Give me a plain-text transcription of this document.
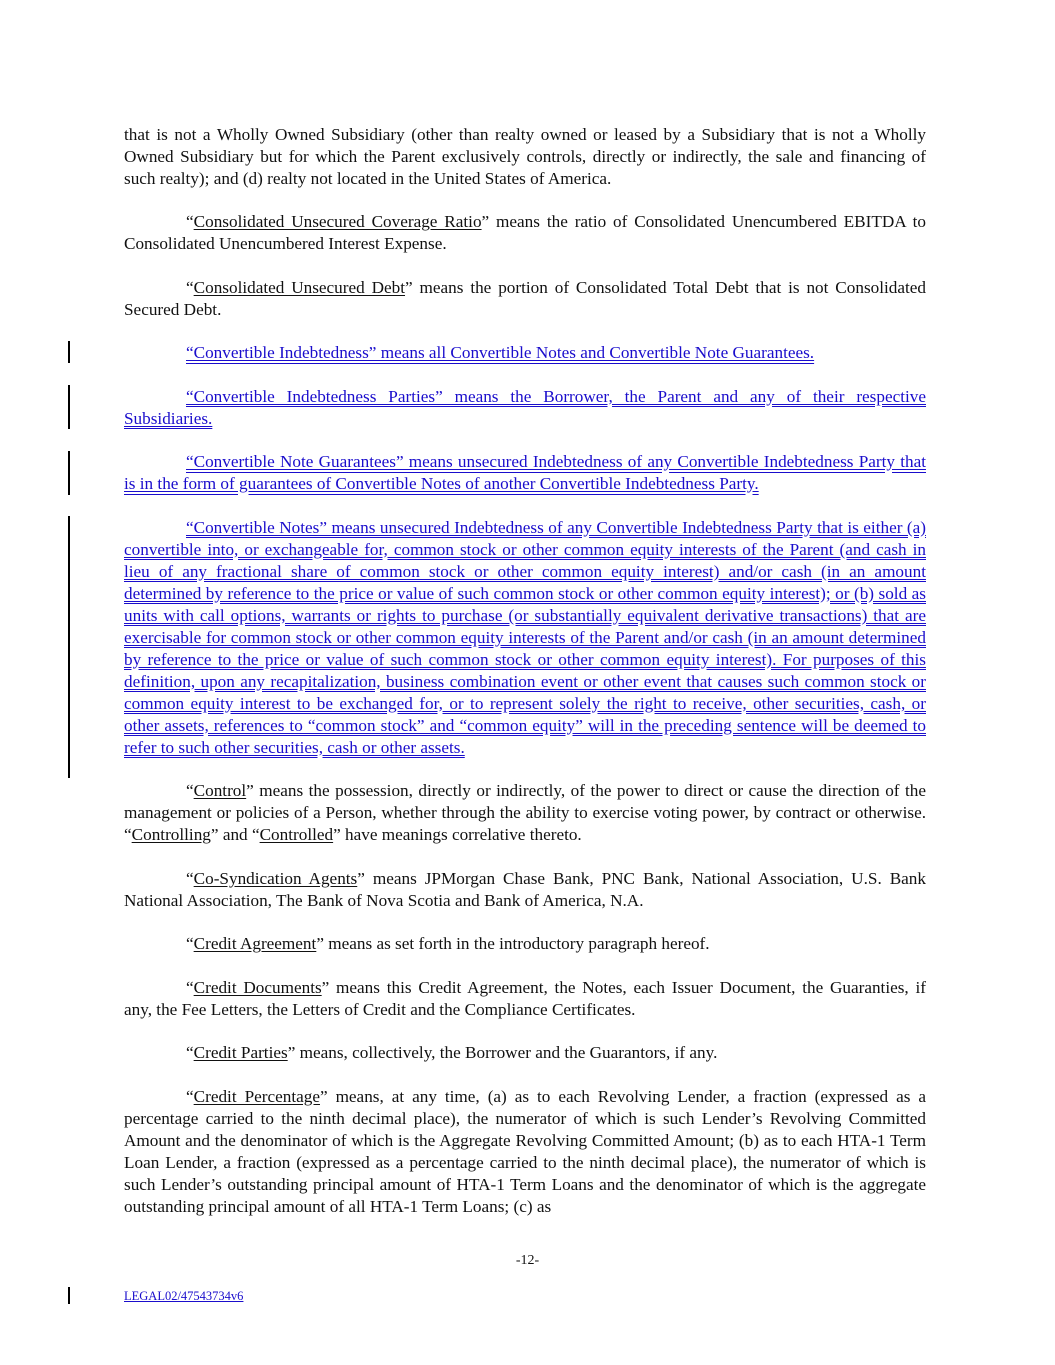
that is not a Wholly Owned Subsidiary (other than realty owned or leased by a Subsidiary that is not a Wholly Owned Subsidiary but for which the Parent exclusively controls, directly or indirectly, the sale and financing of such realty); and (d) realty not located in the United States of America.

“Consolidated Unsecured Coverage Ratio” means the ratio of Consolidated Unencumbered EBITDA to Consolidated Unencumbered Interest Expense.

“Consolidated Unsecured Debt” means the portion of Consolidated Total Debt that is not Consolidated Secured Debt.

“Convertible Indebtedness” means all Convertible Notes and Convertible Note Guarantees.

“Convertible Indebtedness Parties” means the Borrower, the Parent and any of their respective Subsidiaries.

“Convertible Note Guarantees” means unsecured Indebtedness of any Convertible Indebtedness Party that is in the form of guarantees of Convertible Notes of another Convertible Indebtedness Party.

“Convertible Notes” means unsecured Indebtedness of any Convertible Indebtedness Party that is either (a) convertible into, or exchangeable for, common stock or other common equity interests of the Parent (and cash in lieu of any fractional share of common stock or other common equity interest) and/or cash (in an amount determined by reference to the price or value of such common stock or other common equity interest); or (b) sold as units with call options, warrants or rights to purchase (or substantially equivalent derivative transactions) that are exercisable for common stock or other common equity interests of the Parent and/or cash (in an amount determined by reference to the price or value of such common stock or other common equity interest). For purposes of this definition, upon any recapitalization, business combination event or other event that causes such common stock or common equity interest to be exchanged for, or to represent solely the right to receive, other securities, cash, or other assets, references to “common stock” and “common equity” will in the preceding sentence will be deemed to refer to such other securities, cash or other assets.

“Control” means the possession, directly or indirectly, of the power to direct or cause the direction of the management or policies of a Person, whether through the ability to exercise voting power, by contract or otherwise. “Controlling” and “Controlled” have meanings correlative thereto.

“Co-Syndication Agents” means JPMorgan Chase Bank, PNC Bank, National Association, U.S. Bank National Association, The Bank of Nova Scotia and Bank of America, N.A.

“Credit Agreement” means as set forth in the introductory paragraph hereof.

“Credit Documents” means this Credit Agreement, the Notes, each Issuer Document, the Guaranties, if any, the Fee Letters, the Letters of Credit and the Compliance Certificates.

“Credit Parties” means, collectively, the Borrower and the Guarantors, if any.

“Credit Percentage” means, at any time, (a) as to each Revolving Lender, a fraction (expressed as a percentage carried to the ninth decimal place), the numerator of which is such Lender’s Revolving Committed Amount and the denominator of which is the Aggregate Revolving Committed Amount; (b) as to each HTA-1 Term Loan Lender, a fraction (expressed as a percentage carried to the ninth decimal place), the numerator of which is such Lender’s outstanding principal amount of HTA-1 Term Loans and the denominator of which is the aggregate outstanding principal amount of all HTA-1 Term Loans; (c) as

-12-
LEGAL02/47543734v6
